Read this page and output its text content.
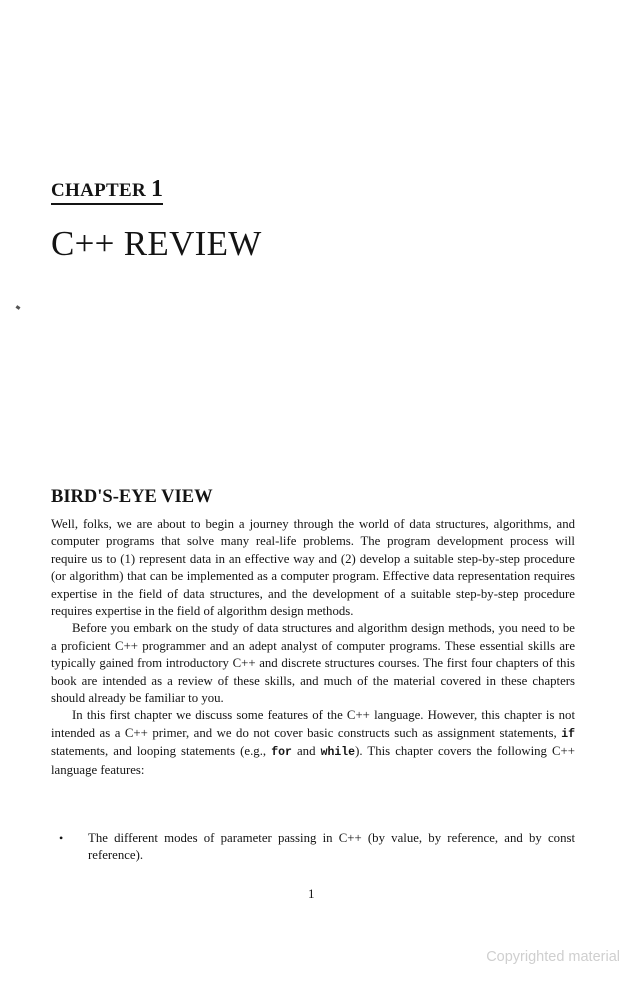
CHAPTER 1
C++ REVIEW
BIRD'S-EYE VIEW

Well, folks, we are about to begin a journey through the world of data structures, algorithms, and computer programs that solve many real-life problems. The program development process will require us to (1) represent data in an effective way and (2) develop a suitable step-by-step procedure (or algorithm) that can be implemented as a computer program. Effective data representation requires expertise in the field of data structures, and the development of a suitable step-by-step procedure requires expertise in the field of algorithm design methods.

Before you embark on the study of data structures and algorithm design methods, you need to be a proficient C++ programmer and an adept analyst of computer programs. These essential skills are typically gained from introductory C++ and discrete structures courses. The first four chapters of this book are intended as a review of these skills, and much of the material covered in these chapters should already be familiar to you.

In this first chapter we discuss some features of the C++ language. However, this chapter is not intended as a C++ primer, and we do not cover basic constructs such as assignment statements, if statements, and looping statements (e.g., for and while). This chapter covers the following C++ language features:

• The different modes of parameter passing in C++ (by value, by reference, and by const reference).
1
Copyrighted material
